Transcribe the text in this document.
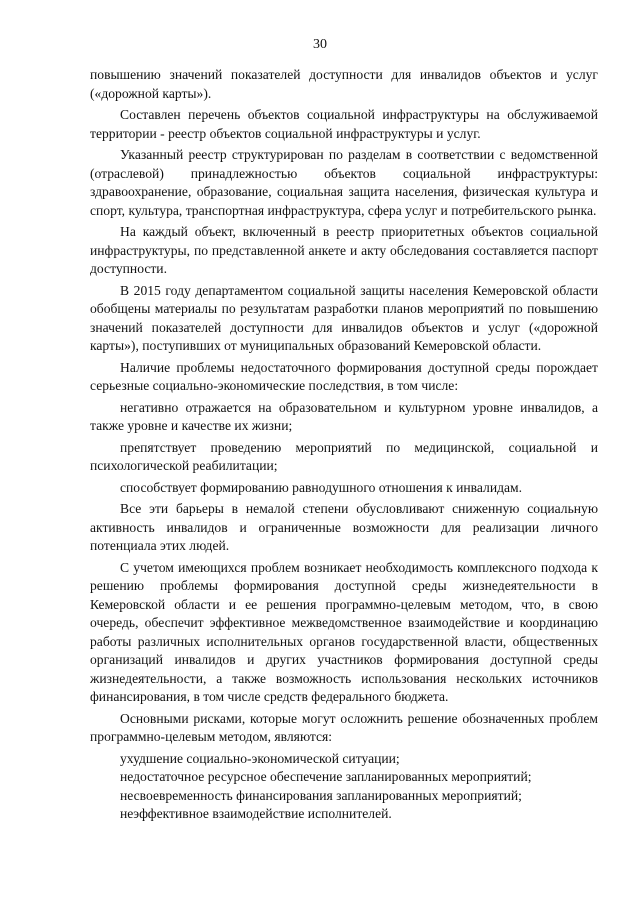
30

повышению значений показателей доступности для инвалидов объектов и услуг («дорожной карты»).

Составлен перечень объектов социальной инфраструктуры на обслуживаемой территории - реестр объектов социальной инфраструктуры и услуг.

Указанный реестр структурирован по разделам в соответствии с ведомственной (отраслевой) принадлежностью объектов социальной инфраструктуры: здравоохранение, образование, социальная защита населения, физическая культура и спорт, культура, транспортная инфраструктура, сфера услуг и потребительского рынка.

На каждый объект, включенный в реестр приоритетных объектов социальной инфраструктуры, по представленной анкете и акту обследования составляется паспорт доступности.

В 2015 году департаментом социальной защиты населения Кемеровской области обобщены материалы по результатам разработки планов мероприятий по повышению значений показателей доступности для инвалидов объектов и услуг («дорожной карты»), поступивших от муниципальных образований Кемеровской области.

Наличие проблемы недостаточного формирования доступной среды порождает серьезные социально-экономические последствия, в том числе:

негативно отражается на образовательном и культурном уровне инвалидов, а также уровне и качестве их жизни;

препятствует проведению мероприятий по медицинской, социальной и психологической реабилитации;

способствует формированию равнодушного отношения к инвалидам.

Все эти барьеры в немалой степени обусловливают сниженную социальную активность инвалидов и ограниченные возможности для реализации личного потенциала этих людей.

С учетом имеющихся проблем возникает необходимость комплексного подхода к решению проблемы формирования доступной среды жизнедеятельности в Кемеровской области и ее решения программно-целевым методом, что, в свою очередь, обеспечит эффективное межведомственное взаимодействие и координацию работы различных исполнительных органов государственной власти, общественных организаций инвалидов и других участников формирования доступной среды жизнедеятельности, а также возможность использования нескольких источников финансирования, в том числе средств федерального бюджета.

Основными рисками, которые могут осложнить решение обозначенных проблем программно-целевым методом, являются:

ухудшение социально-экономической ситуации;

недостаточное ресурсное обеспечение запланированных мероприятий;

несвоевременность финансирования запланированных мероприятий;

неэффективное взаимодействие исполнителей.
